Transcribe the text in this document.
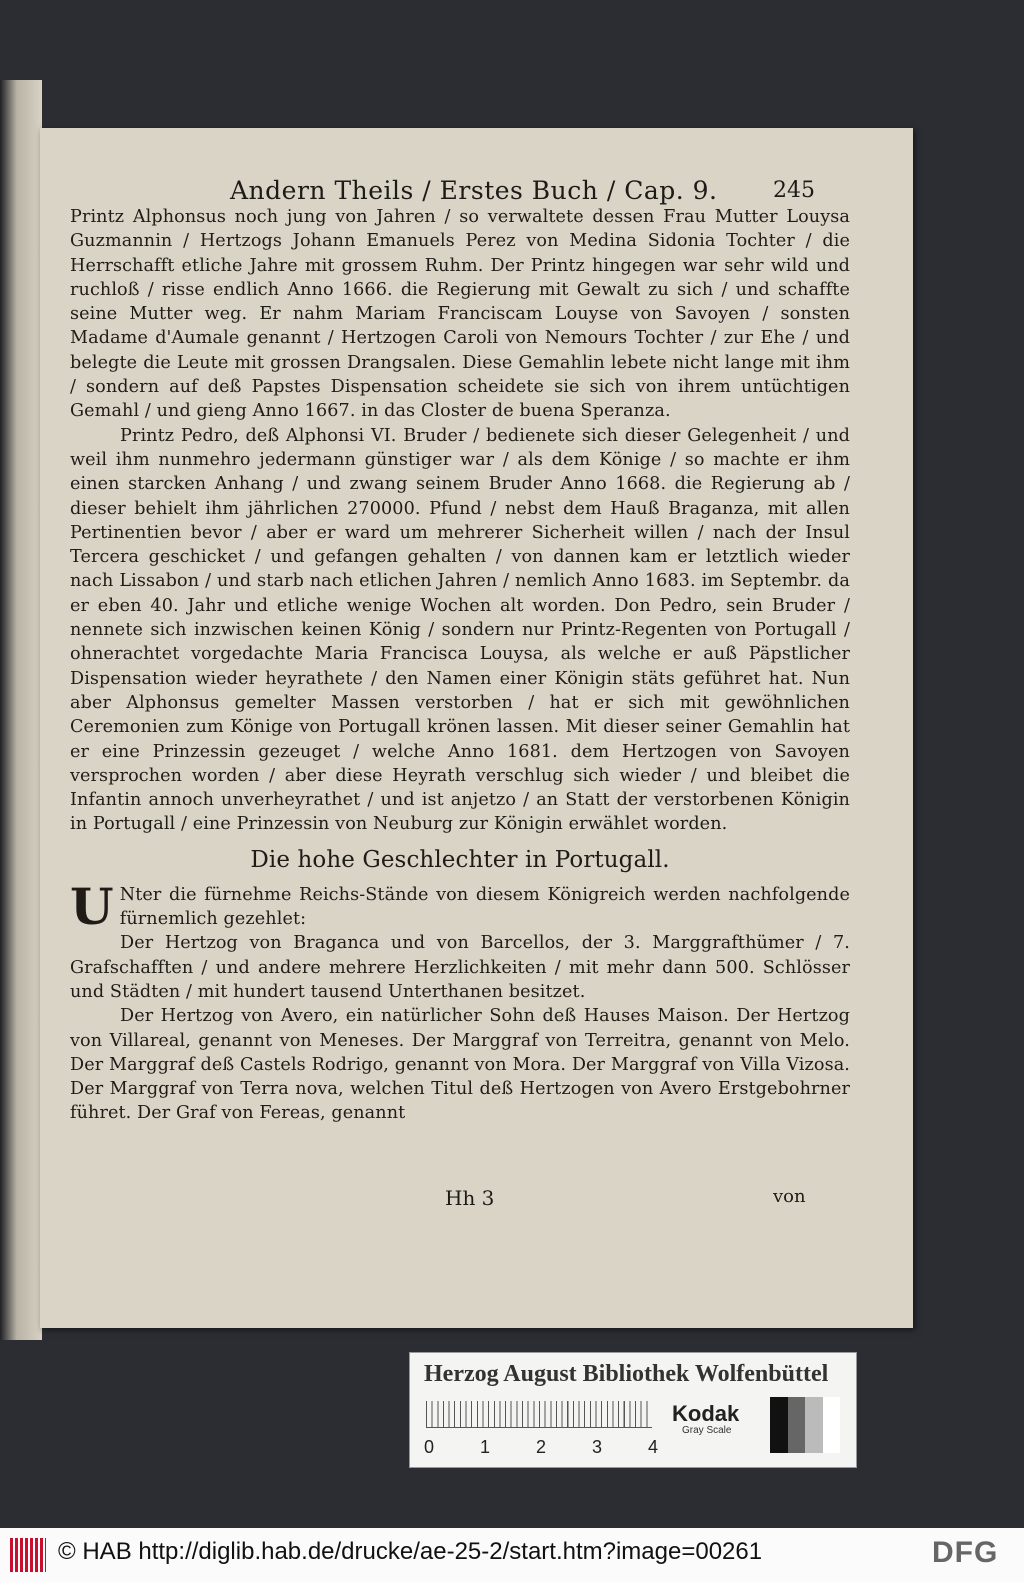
Andern Theils / Erstes Buch / Cap. 9.	245

Printz Alphonsus noch jung von Jahren / so verwaltete dessen Frau Mutter Louysa Guzmannin / Hertzogs Johann Emanuels Perez von Medina Sidonia Tochter / die Herrschafft etliche Jahre mit grossem Ruhm. Der Printz hingegen war sehr wild und ruchloß / risse endlich Anno 1666. die Regierung mit Gewalt zu sich / und schaffte seine Mutter weg. Er nahm Mariam Franciscam Louyse von Savoyen / sonsten Madame d'Aumale genannt / Hertzogen Caroli von Nemours Tochter / zur Ehe / und belegte die Leute mit grossen Drangsalen. Diese Gemahlin lebete nicht lange mit ihm / sondern auf deß Papstes Dispensation scheidete sie sich von ihrem untüchtigen Gemahl / und gieng Anno 1667. in das Closter de buena Speranza.

Printz Pedro, deß Alphonsi VI. Bruder / bedienete sich dieser Gelegenheit / und weil ihm nunmehro jedermann günstiger war / als dem Könige / so machte er ihm einen starcken Anhang / und zwang seinem Bruder Anno 1668. die Regierung ab / dieser behielt ihm jährlichen 270000. Pfund / nebst dem Hauß Braganza, mit allen Pertinentien bevor / aber er ward um mehrerer Sicherheit willen / nach der Insul Tercera geschicket / und gefangen gehalten / von dannen kam er letztlich wieder nach Lissabon / und starb nach etlichen Jahren / nemlich Anno 1683. im Septembr. da er eben 40. Jahr und etliche wenige Wochen alt worden. Don Pedro, sein Bruder / nennete sich inzwischen keinen König / sondern nur Printz-Regenten von Portugall / ohnerachtet vorgedachte Maria Francisca Louysa, als welche er auß Päpstlicher Dispensation wieder heyrathete / den Namen einer Königin stäts geführet hat. Nun aber Alphonsus gemelter Massen verstorben / hat er sich mit gewöhnlichen Ceremonien zum Könige von Portugall krönen lassen. Mit dieser seiner Gemahlin hat er eine Prinzessin gezeuget / welche Anno 1681. dem Hertzogen von Savoyen versprochen worden / aber diese Heyrath verschlug sich wieder / und bleibet die Infantin annoch unverheyrathet / und ist anjetzo / an Statt der verstorbenen Königin in Portugall / eine Prinzessin von Neuburg zur Königin erwählet worden.

Die hohe Geschlechter in Portugall.

U Nter die fürnehme Reichs-Stände von diesem Königreich werden nachfolgende fürnemlich gezehlet:

Der Hertzog von Braganca und von Barcellos, der 3. Marggrafthümer / 7. Grafschafften / und andere mehrere Herzlichkeiten / mit mehr dann 500. Schlösser und Städten / mit hundert tausend Unterthanen besitzet.

Der Hertzog von Avero, ein natürlicher Sohn deß Hauses Maison. Der Hertzog von Villareal, genannt von Meneses. Der Marggraf von Terreitra, genannt von Melo. Der Marggraf deß Castels Rodrigo, genannt von Mora. Der Marggraf von Villa Vizosa. Der Marggraf von Terra nova, welchen Titul deß Hertzogen von Avero Erstgebohrner führet. Der Graf von Fereas, genannt

Hh 3	von
Herzog August Bibliothek Wolfenbüttel
0	1	2	3	4
Kodak
Gray Scale
© HAB http://diglib.hab.de/drucke/ae-25-2/start.htm?image=00261	DFG
